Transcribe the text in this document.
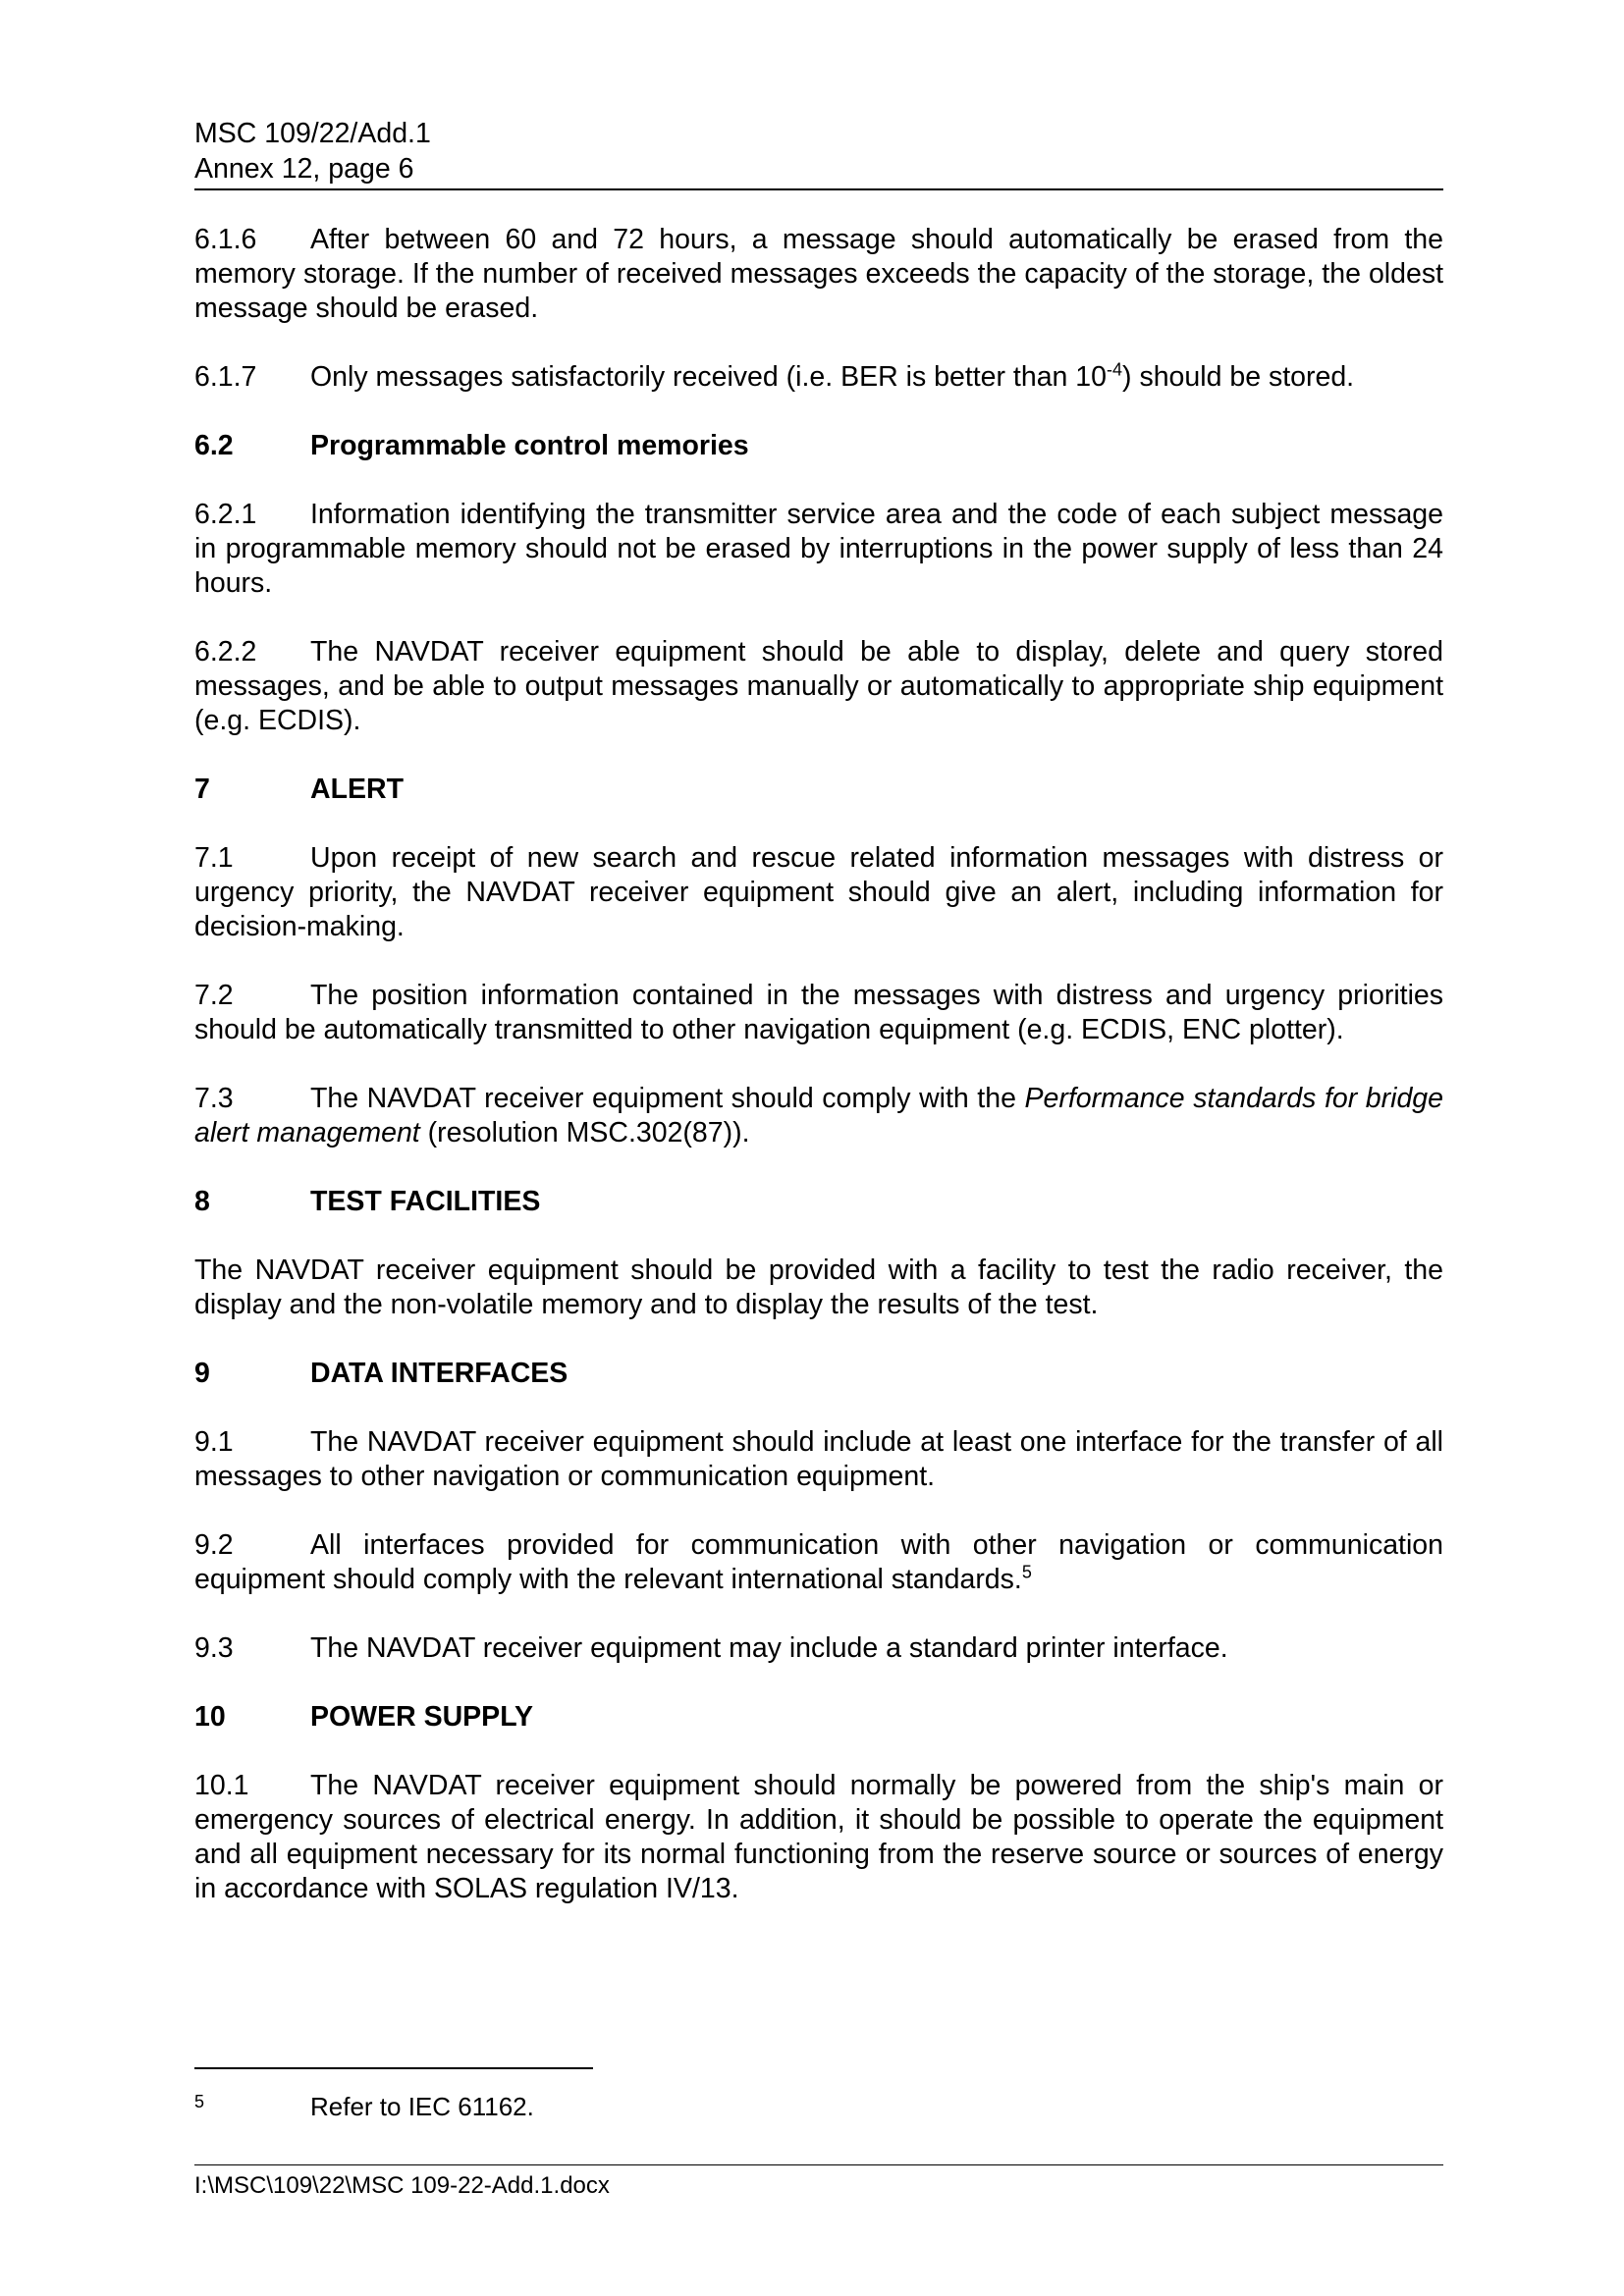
MSC 109/22/Add.1
Annex 12, page 6

6.1.6 After between 60 and 72 hours, a message should automatically be erased from the memory storage. If the number of received messages exceeds the capacity of the storage, the oldest message should be erased.

6.1.7 Only messages satisfactorily received (i.e. BER is better than $10^{-4}$) should be stored.

6.2	Programmable control memories

6.2.1 Information identifying the transmitter service area and the code of each subject message in programmable memory should not be erased by interruptions in the power supply of less than 24 hours.

6.2.2 The NAVDAT receiver equipment should be able to display, delete and query stored messages, and be able to output messages manually or automatically to appropriate ship equipment (e.g. ECDIS).

7	ALERT

7.1	Upon receipt of new search and rescue related information messages with distress or urgency priority, the NAVDAT receiver equipment should give an alert, including information for decision-making.

7.2	The position information contained in the messages with distress and urgency priorities should be automatically transmitted to other navigation equipment (e.g. ECDIS, ENC plotter).

7.3	The NAVDAT receiver equipment should comply with the Performance standards for bridge alert management (resolution MSC.302(87)).

8	TEST FACILITIES

The NAVDAT receiver equipment should be provided with a facility to test the radio receiver, the display and the non-volatile memory and to display the results of the test.

9	DATA INTERFACES

9.1	The NAVDAT receiver equipment should include at least one interface for the transfer of all messages to other navigation or communication equipment.

9.2	All interfaces provided for communication with other navigation or communication equipment should comply with the relevant international standards.$^5$

9.3	The NAVDAT receiver equipment may include a standard printer interface.

10	POWER SUPPLY

10.1 The NAVDAT receiver equipment should normally be powered from the ship's main or emergency sources of electrical energy. In addition, it should be possible to operate the equipment and all equipment necessary for its normal functioning from the reserve source or sources of energy in accordance with SOLAS regulation IV/13.

5	Refer to IEC 61162.
I:\MSC\109\22\MSC 109-22-Add.1.docx
